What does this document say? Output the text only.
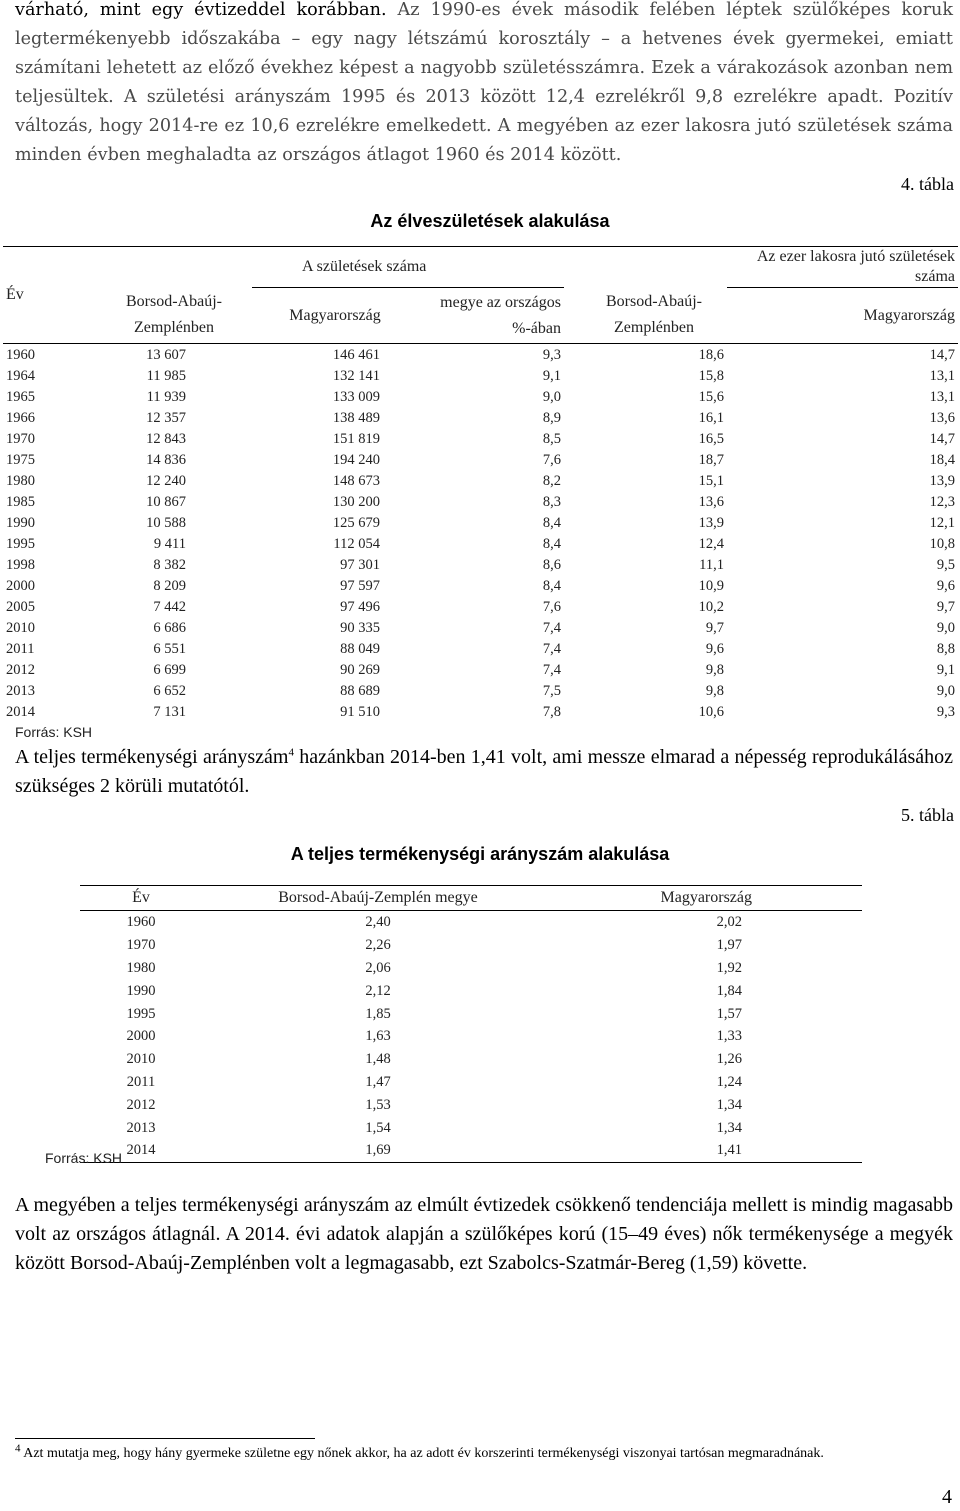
várható, mint egy évtizeddel korábban. Az 1990-es évek második felében léptek szülőképes koruk legtermékenyebb időszakába – egy nagy létszámú korosztály – a hetvenes évek gyermekei, emiatt számítani lehetett az előző évekhez képest a nagyobb születésszámra. Ezek a várakozások azonban nem teljesültek. A születési arányszám 1995 és 2013 között 12,4 ezrelékről 9,8 ezrelékre apadt. Pozitív változás, hogy 2014-re ez 10,6 ezrelékre emelkedett. A megyében az ezer lakosra jutó születések száma minden évben meghaladta az országos átlagot 1960 és 2014 között.
4. tábla
Az élveszületések alakulása
Év		A születések száma			Az ezer lakosra jutó születések száma
	Borsod-Abaúj-Zemplénben	Magyarország	megye az országos %-ában	Borsod-Abaúj-Zemplénben	Magyarország
1960	13 607	146 461	9,3	18,6	14,7
1964	11 985	132 141	9,1	15,8	13,1
1965	11 939	133 009	9,0	15,6	13,1
1966	12 357	138 489	8,9	16,1	13,6
1970	12 843	151 819	8,5	16,5	14,7
1975	14 836	194 240	7,6	18,7	18,4
1980	12 240	148 673	8,2	15,1	13,9
1985	10 867	130 200	8,3	13,6	12,3
1990	10 588	125 679	8,4	13,9	12,1
1995	9 411	112 054	8,4	12,4	10,8
1998	8 382	97 301	8,6	11,1	9,5
2000	8 209	97 597	8,4	10,9	9,6
2005	7 442	97 496	7,6	10,2	9,7
2010	6 686	90 335	7,4	9,7	9,0
2011	6 551	88 049	7,4	9,6	8,8
2012	6 699	90 269	7,4	9,8	9,1
2013	6 652	88 689	7,5	9,8	9,0
2014	7 131	91 510	7,8	10,6	9,3
Forrás: KSH
A teljes termékenységi arányszám$^4$ hazánkban 2014-ben 1,41 volt, ami messze elmarad a népesség reprodukálásához szükséges 2 körüli mutatótól.
5. tábla
A teljes termékenységi arányszám alakulása
Év	Borsod-Abaúj-Zemplén megye	Magyarország
1960	2,40	2,02
1970	2,26	1,97
1980	2,06	1,92
1990	2,12	1,84
1995	1,85	1,57
2000	1,63	1,33
2010	1,48	1,26
2011	1,47	1,24
2012	1,53	1,34
2013	1,54	1,34
2014	1,69	1,41
Forrás: KSH
A megyében a teljes termékenységi arányszám az elmúlt évtizedek csökkenő tendenciája mellett is mindig magasabb volt az országos átlagnál. A 2014. évi adatok alapján a szülőképes korú (15–49 éves) nők termékenysége a megyék között Borsod-Abaúj-Zemplénben volt a legmagasabb, ezt Szabolcs-Szatmár-Bereg (1,59) követte.
$^4$ Azt mutatja meg, hogy hány gyermeke születne egy nőnek akkor, ha az adott év korszerinti termékenységi viszonyai tartósan megmaradnának.
4
